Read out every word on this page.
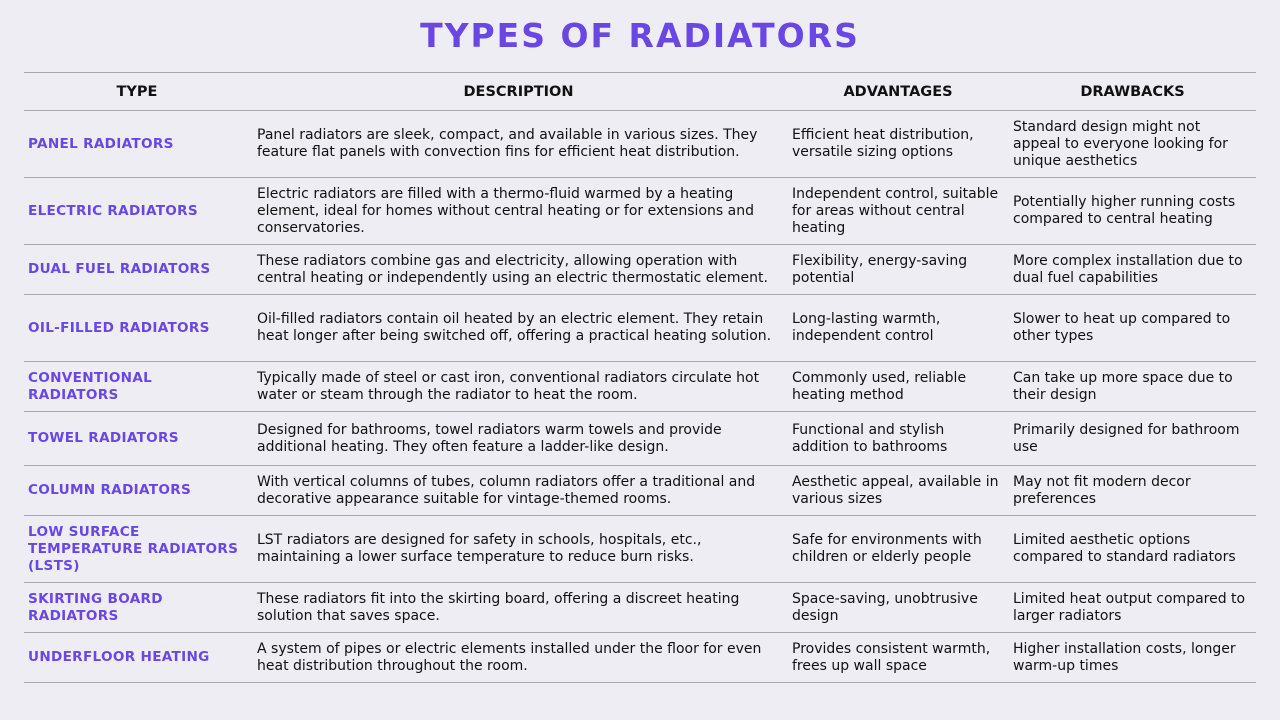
TYPES OF RADIATORS
TYPE	DESCRIPTION	ADVANTAGES	DRAWBACKS
PANEL RADIATORS	Panel radiators are sleek, compact, and available in various sizes. They feature flat panels with convection fins for efficient heat distribution.	Efficient heat distribution, versatile sizing options	Standard design might not appeal to everyone looking for unique aesthetics
ELECTRIC RADIATORS	Electric radiators are filled with a thermo-fluid warmed by a heating element, ideal for homes without central heating or for extensions and conservatories.	Independent control, suitable for areas without central heating	Potentially higher running costs compared to central heating
DUAL FUEL RADIATORS	These radiators combine gas and electricity, allowing operation with central heating or independently using an electric thermostatic element.	Flexibility, energy-saving potential	More complex installation due to dual fuel capabilities
OIL-FILLED RADIATORS	Oil-filled radiators contain oil heated by an electric element. They retain heat longer after being switched off, offering a practical heating solution.	Long-lasting warmth, independent control	Slower to heat up compared to other types
CONVENTIONAL RADIATORS	Typically made of steel or cast iron, conventional radiators circulate hot water or steam through the radiator to heat the room.	Commonly used, reliable heating method	Can take up more space due to their design
TOWEL RADIATORS	Designed for bathrooms, towel radiators warm towels and provide additional heating. They often feature a ladder-like design.	Functional and stylish addition to bathrooms	Primarily designed for bathroom use
COLUMN RADIATORS	With vertical columns of tubes, column radiators offer a traditional and decorative appearance suitable for vintage-themed rooms.	Aesthetic appeal, available in various sizes	May not fit modern decor preferences
LOW SURFACE TEMPERATURE RADIATORS (LSTS)	LST radiators are designed for safety in schools, hospitals, etc., maintaining a lower surface temperature to reduce burn risks.	Safe for environments with children or elderly people	Limited aesthetic options compared to standard radiators
SKIRTING BOARD RADIATORS	These radiators fit into the skirting board, offering a discreet heating solution that saves space.	Space-saving, unobtrusive design	Limited heat output compared to larger radiators
UNDERFLOOR HEATING	A system of pipes or electric elements installed under the floor for even heat distribution throughout the room.	Provides consistent warmth, frees up wall space	Higher installation costs, longer warm-up times
